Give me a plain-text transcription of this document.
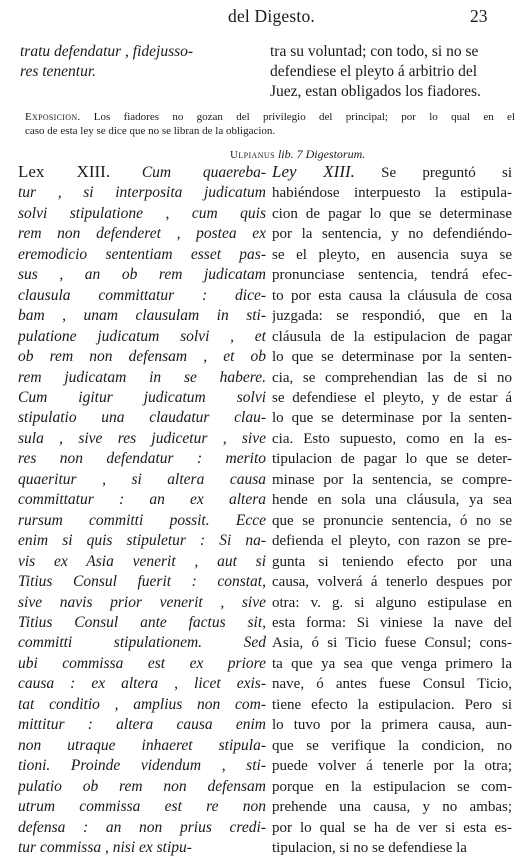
del Digesto.	23
tratu defendatur , fidejusso-
res tenentur.
tra su voluntad; con todo, si no se
defendiese el pleyto á arbitrio del
Juez, estan obligados los fiadores.
Exposicion. Los fiadores no gozan del privilegio del principal; por lo qual en el
caso de esta ley se dice que no se libran de la obligacion.
Ulpianus lib. 7 Digestorum.
Lex XIII. Cum quaereba-
tur , si interposita judicatum
solvi stipulatione , cum quis
rem non defenderet , postea ex
eremodicio sententiam esset pas-
sus , an ob rem judicatam
clausula committatur : dice-
bam , unam clausulam in sti-
pulatione judicatum solvi , et
ob rem non defensam , et ob
rem judicatam in se habere.
Cum igitur judicatum solvi
stipulatio una claudatur clau-
sula , sive res judicetur , sive
res non defendatur : merito
quaeritur , si altera causa
committatur : an ex altera
rursum committi possit. Ecce
enim si quis stipuletur : Si na-
vis ex Asia venerit , aut si
Titius Consul fuerit : constat,
sive navis prior venerit , sive
Titius Consul ante factus sit,
committi stipulationem. Sed
ubi commissa est ex priore
causa : ex altera , licet exis-
tat conditio , amplius non com-
mittitur : altera causa enim
non utraque inhaeret stipula-
tioni. Proinde videndum , sti-
pulatio ob rem non defensam
utrum commissa est re non
defensa : an non prius credi-
tur commissa , nisi ex stipu-
Ley XIII. Se preguntó si
habiéndose interpuesto la estipula-
cion de pagar lo que se determinase
por la sentencia, y no defendiéndo-
se el pleyto, en ausencia suya se
pronunciase sentencia, tendrá efec-
to por esta causa la cláusula de cosa
juzgada: se respondió, que en la
cláusula de la estipulacion de pagar
lo que se determinase por la senten-
cia, se comprehendian las de si no
se defendiese el pleyto, y de estar á
lo que se determinase por la senten-
cia. Esto supuesto, como en la es-
tipulacion de pagar lo que se deter-
minase por la sentencia, se compre-
hende en sola una cláusula, ya sea
que se pronuncie sentencia, ó no se
defienda el pleyto, con razon se pre-
gunta si teniendo efecto por una
causa, volverá á tenerlo despues por
otra: v. g. si alguno estipulase en
esta forma: Si viniese la nave del
Asia, ó si Ticio fuese Consul; cons-
ta que ya sea que venga primero la
nave, ó antes fuese Consul Ticio,
tiene efecto la estipulacion. Pero si
lo tuvo por la primera causa, aun-
que se verifique la condicion, no
puede volver á tenerle por la otra;
porque en la estipulacion se com-
prehende una causa, y no ambas;
por lo qual se ha de ver si esta es-
tipulacion, si no se defendiese la
